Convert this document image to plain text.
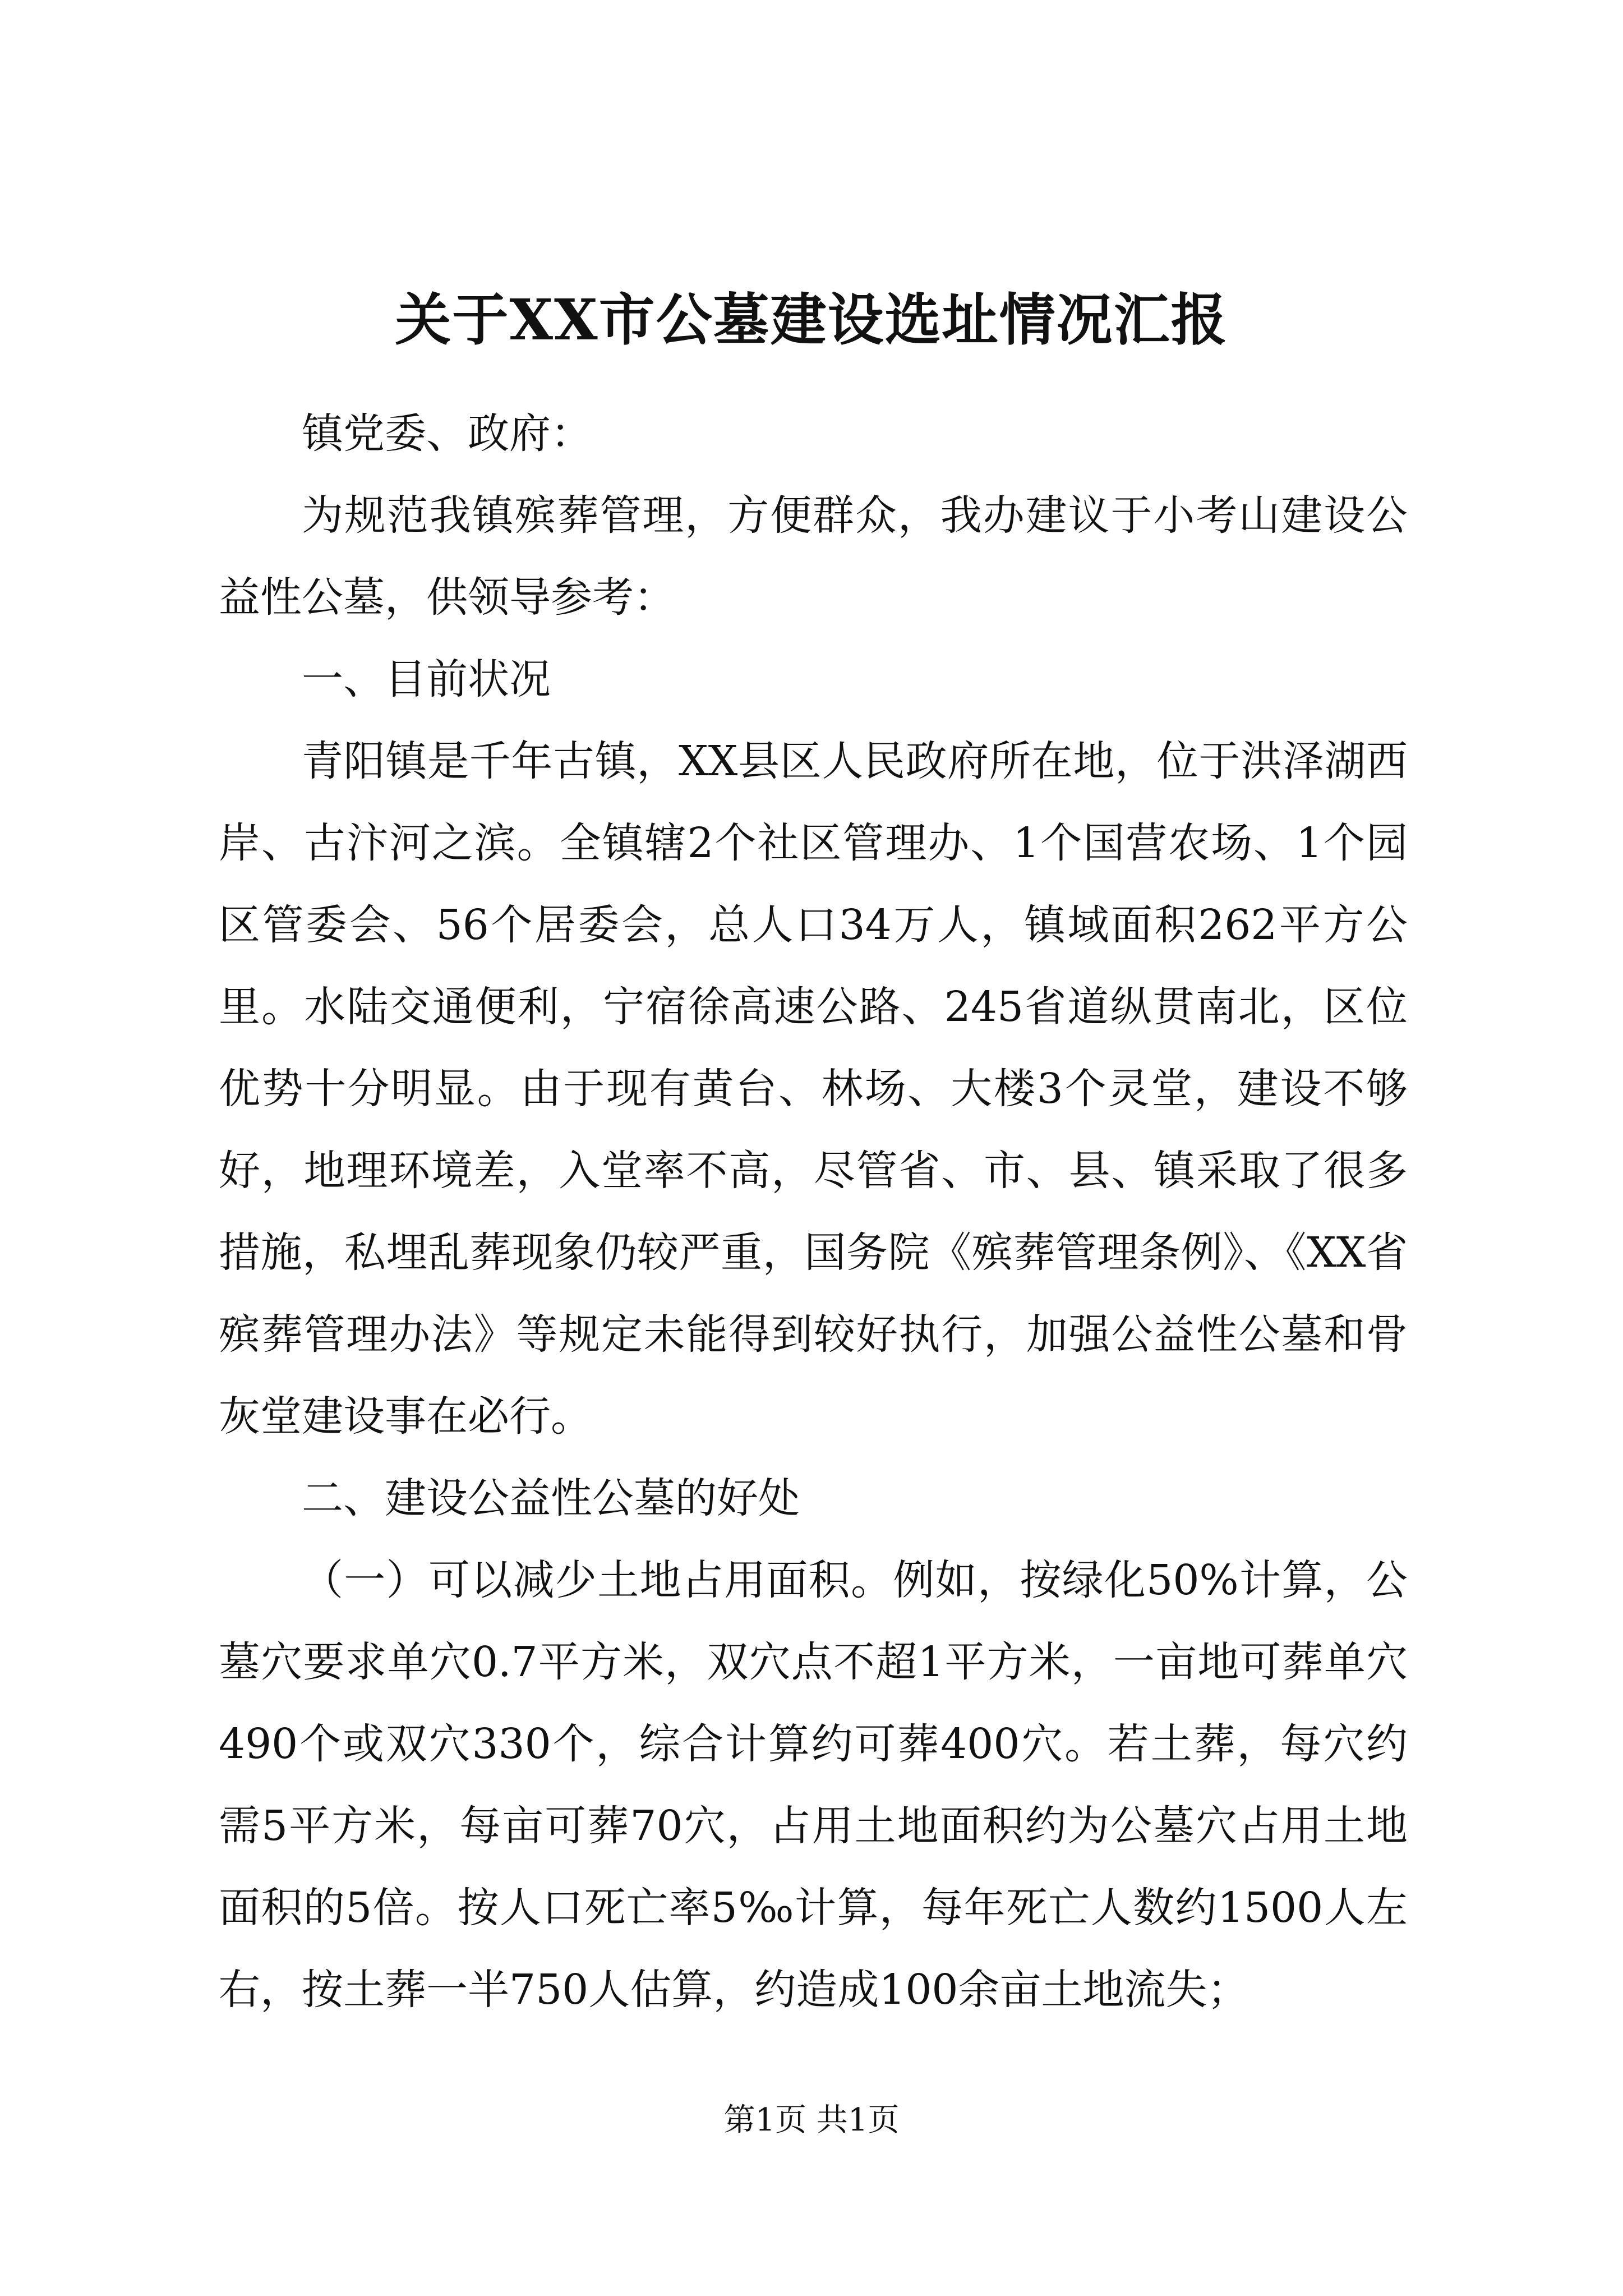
关于XX市公墓建设选址情况汇报

镇党委、政府：

为规范我镇殡葬管理，方便群众，我办建议于小考山建设公益性公墓，供领导参考：

一、目前状况

青阳镇是千年古镇，XX县区人民政府所在地，位于洪泽湖西岸、古汴河之滨。全镇辖2个社区管理办、1个国营农场、1个园区管委会、56个居委会，总人口34万人，镇域面积262平方公里。水陆交通便利，宁宿徐高速公路、245省道纵贯南北，区位优势十分明显。由于现有黄台、林场、大楼3个灵堂，建设不够好，地理环境差，入堂率不高，尽管省、市、县、镇采取了很多措施，私埋乱葬现象仍较严重，国务院《殡葬管理条例》、《XX省殡葬管理办法》等规定未能得到较好执行，加强公益性公墓和骨灰堂建设事在必行。

二、建设公益性公墓的好处

（一）可以减少土地占用面积。例如，按绿化50%计算，公墓穴要求单穴0.7平方米，双穴点不超1平方米，一亩地可葬单穴490个或双穴330个，综合计算约可葬400穴。若土葬，每穴约需5平方米，每亩可葬70穴，占用土地面积约为公墓穴占用土地面积的5倍。按人口死亡率5‰计算，每年死亡人数约1500人左右，按土葬一半750人估算，约造成100余亩土地流失；

第1页 共1页
